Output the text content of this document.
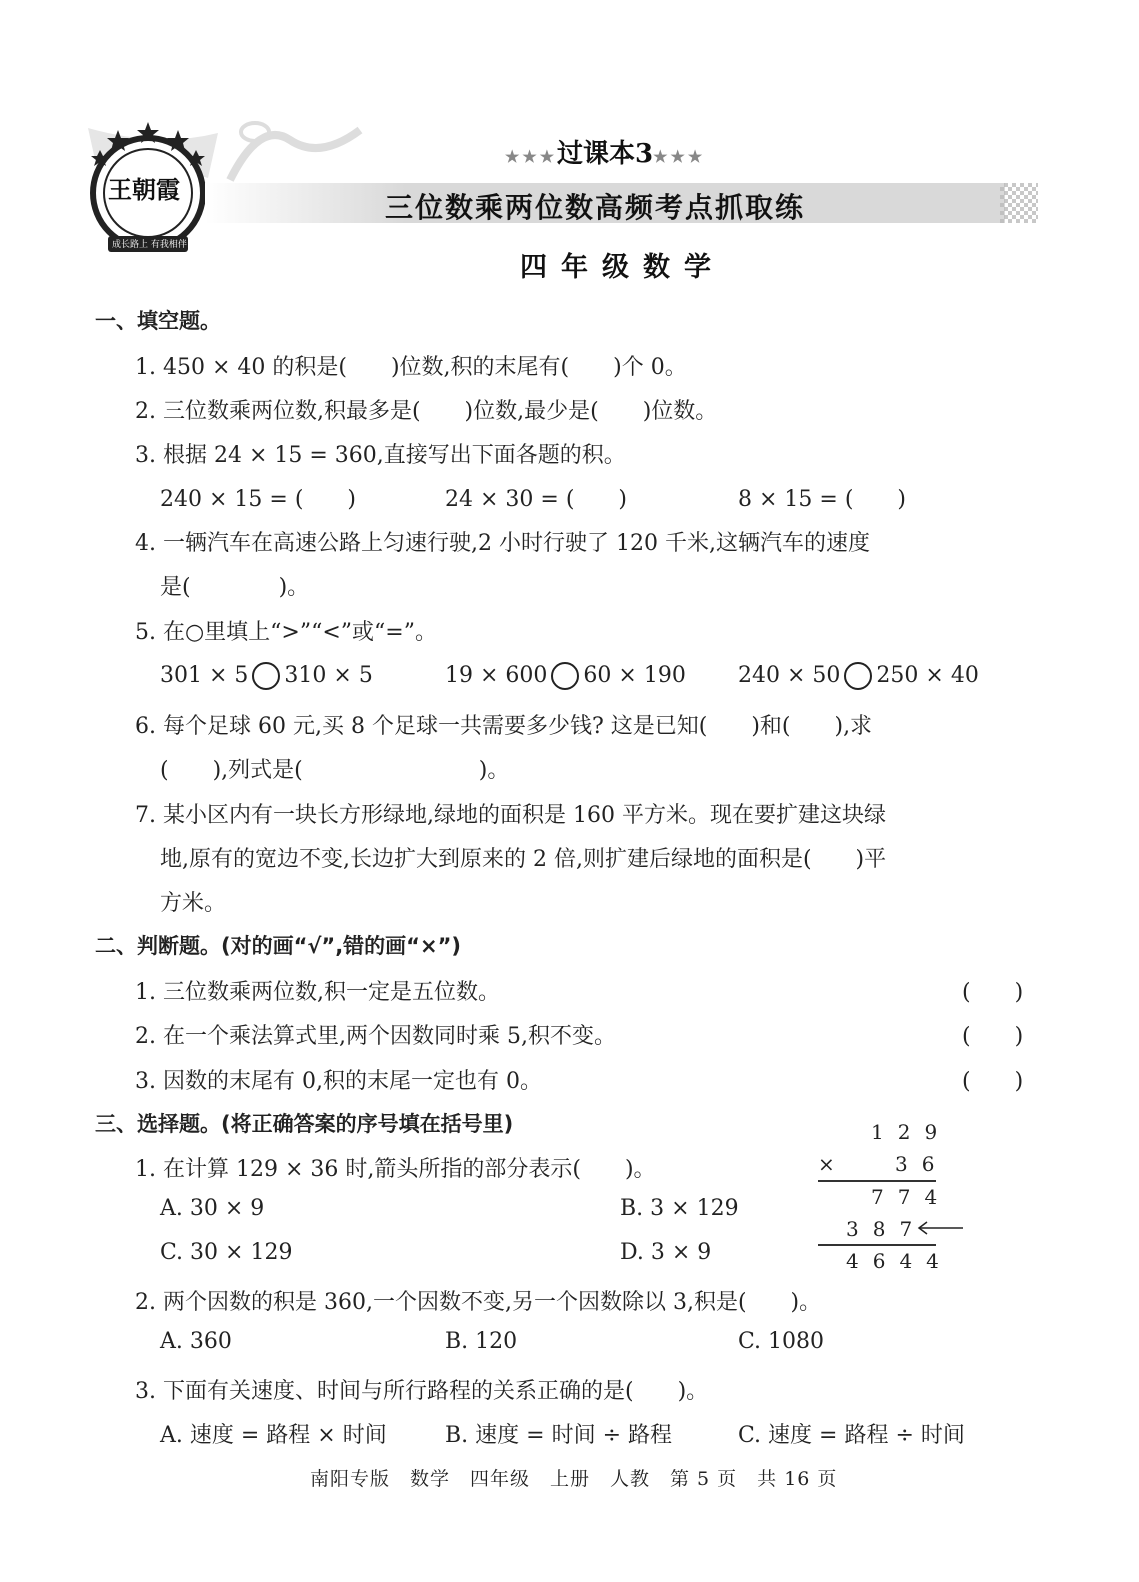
王朝霞
成长路上 有我相伴
★★★过课本3★★★
三位数乘两位数高频考点抓取练
四年级数学
一、填空题。
1. 450 × 40 的积是(　　)位数,积的末尾有(　　)个 0。
2. 三位数乘两位数,积最多是(　　)位数,最少是(　　)位数。
3. 根据 24 × 15 = 360,直接写出下面各题的积。
240 × 15 = (　　)	24 × 30 = (　　)	8 × 15 = (　　)
4. 一辆汽车在高速公路上匀速行驶,2 小时行驶了 120 千米,这辆汽车的速度
是(　　　　)。
5. 在○里填上“>”“<”或“=”。
301 × 5 310 × 5	19 × 600 60 × 190 240 × 50 250 × 40
6. 每个足球 60 元,买 8 个足球一共需要多少钱? 这是已知(　　)和(　　),求
(　　),列式是(　　　　　　　　)。
7. 某小区内有一块长方形绿地,绿地的面积是 160 平方米。现在要扩建这块绿
地,原有的宽边不变,长边扩大到原来的 2 倍,则扩建后绿地的面积是(　　)平
方米。
二、判断题。(对的画“√”,错的画“×”)
1. 三位数乘两位数,积一定是五位数。	(　　)
2. 在一个乘法算式里,两个因数同时乘 5,积不变。	(　　)
3. 因数的末尾有 0,积的末尾一定也有 0。	(　　)
三、选择题。(将正确答案的序号填在括号里)
1. 在计算 129 × 36 时,箭头所指的部分表示(　　)。
A. 30 × 9	B. 3 × 129
C. 30 × 129	D. 3 × 9
129
× 36
774
387
4644
2. 两个因数的积是 360,一个因数不变,另一个因数除以 3,积是(　　)。
A. 360	B. 120	C. 1080
3. 下面有关速度、时间与所行路程的关系正确的是(　　)。
A. 速度 = 路程 × 时间	B. 速度 = 时间 ÷ 路程	C. 速度 = 路程 ÷ 时间
南阳专版　数学　四年级　上册　人教　第 5 页　共 16 页
